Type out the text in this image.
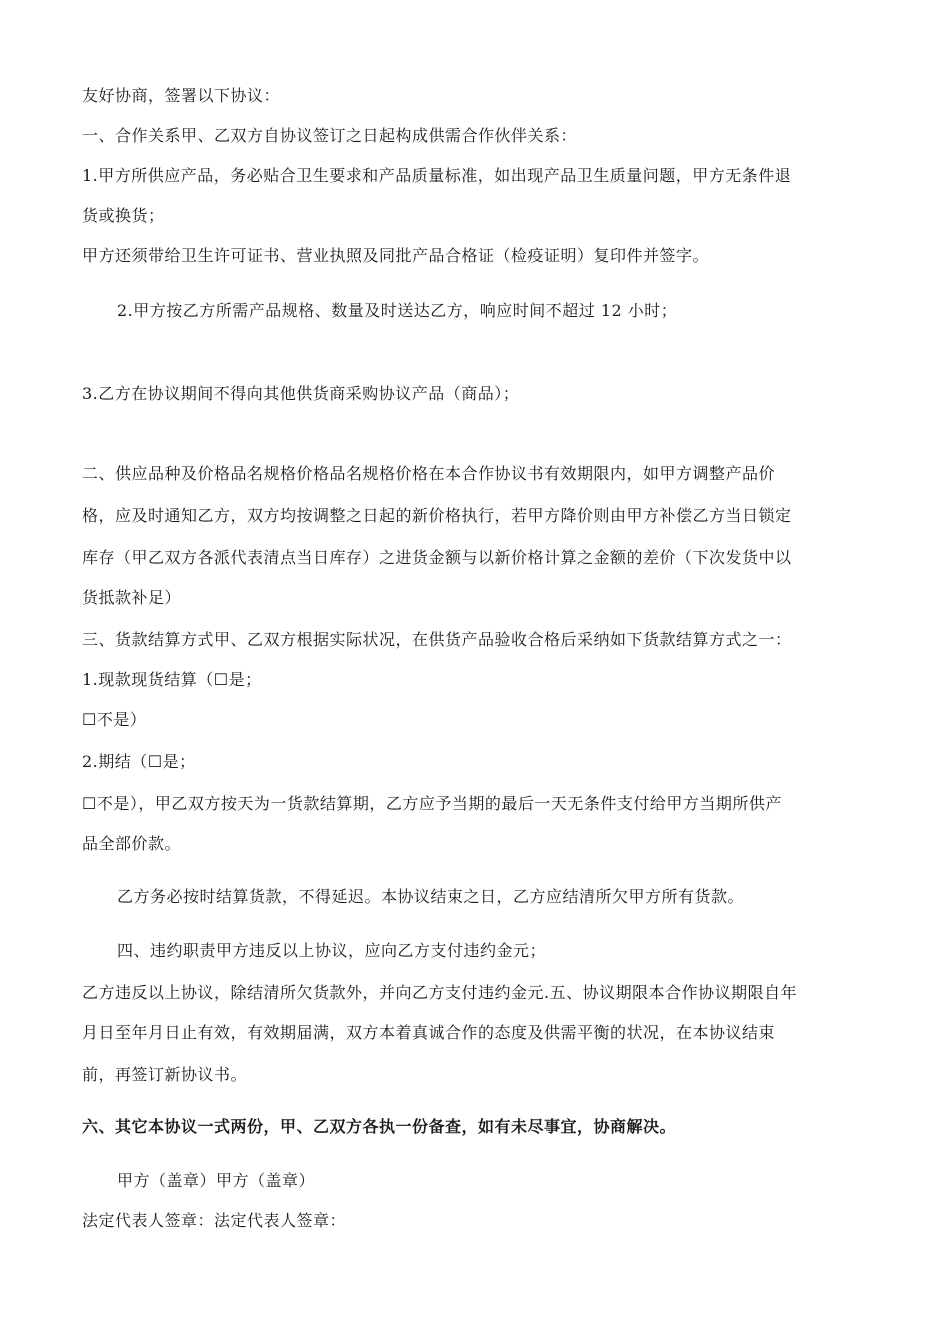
友好协商，签署以下协议：
一、合作关系甲、乙双方自协议签订之日起构成供需合作伙伴关系：
1.甲方所供应产品，务必贴合卫生要求和产品质量标准，如出现产品卫生质量问题，甲方无条件退
货或换货；
甲方还须带给卫生许可证书、营业执照及同批产品合格证（检疫证明）复印件并签字。
2.甲方按乙方所需产品规格、数量及时送达乙方，响应时间不超过 12 小时；
3.乙方在协议期间不得向其他供货商采购协议产品（商品）；
二、供应品种及价格品名规格价格品名规格价格在本合作协议书有效期限内，如甲方调整产品价
格，应及时通知乙方，双方均按调整之日起的新价格执行，若甲方降价则由甲方补偿乙方当日锁定
库存（甲乙双方各派代表清点当日库存）之进货金额与以新价格计算之金额的差价（下次发货中以
货抵款补足）
三、货款结算方式甲、乙双方根据实际状况，在供货产品验收合格后采纳如下货款结算方式之一：
1.现款现货结算（☐是；
☐不是）
2.期结（☐是；
☐不是），甲乙双方按天为一货款结算期，乙方应予当期的最后一天无条件支付给甲方当期所供产
品全部价款。
乙方务必按时结算货款，不得延迟。本协议结束之日，乙方应结清所欠甲方所有货款。
四、违约职责甲方违反以上协议，应向乙方支付违约金元；
乙方违反以上协议，除结清所欠货款外，并向乙方支付违约金元.五、协议期限本合作协议期限自年
月日至年月日止有效，有效期届满，双方本着真诚合作的态度及供需平衡的状况，在本协议结束
前，再签订新协议书。
六、其它本协议一式两份，甲、乙双方各执一份备查，如有未尽事宜，协商解决。
甲方（盖章）甲方（盖章）
法定代表人签章：法定代表人签章：
